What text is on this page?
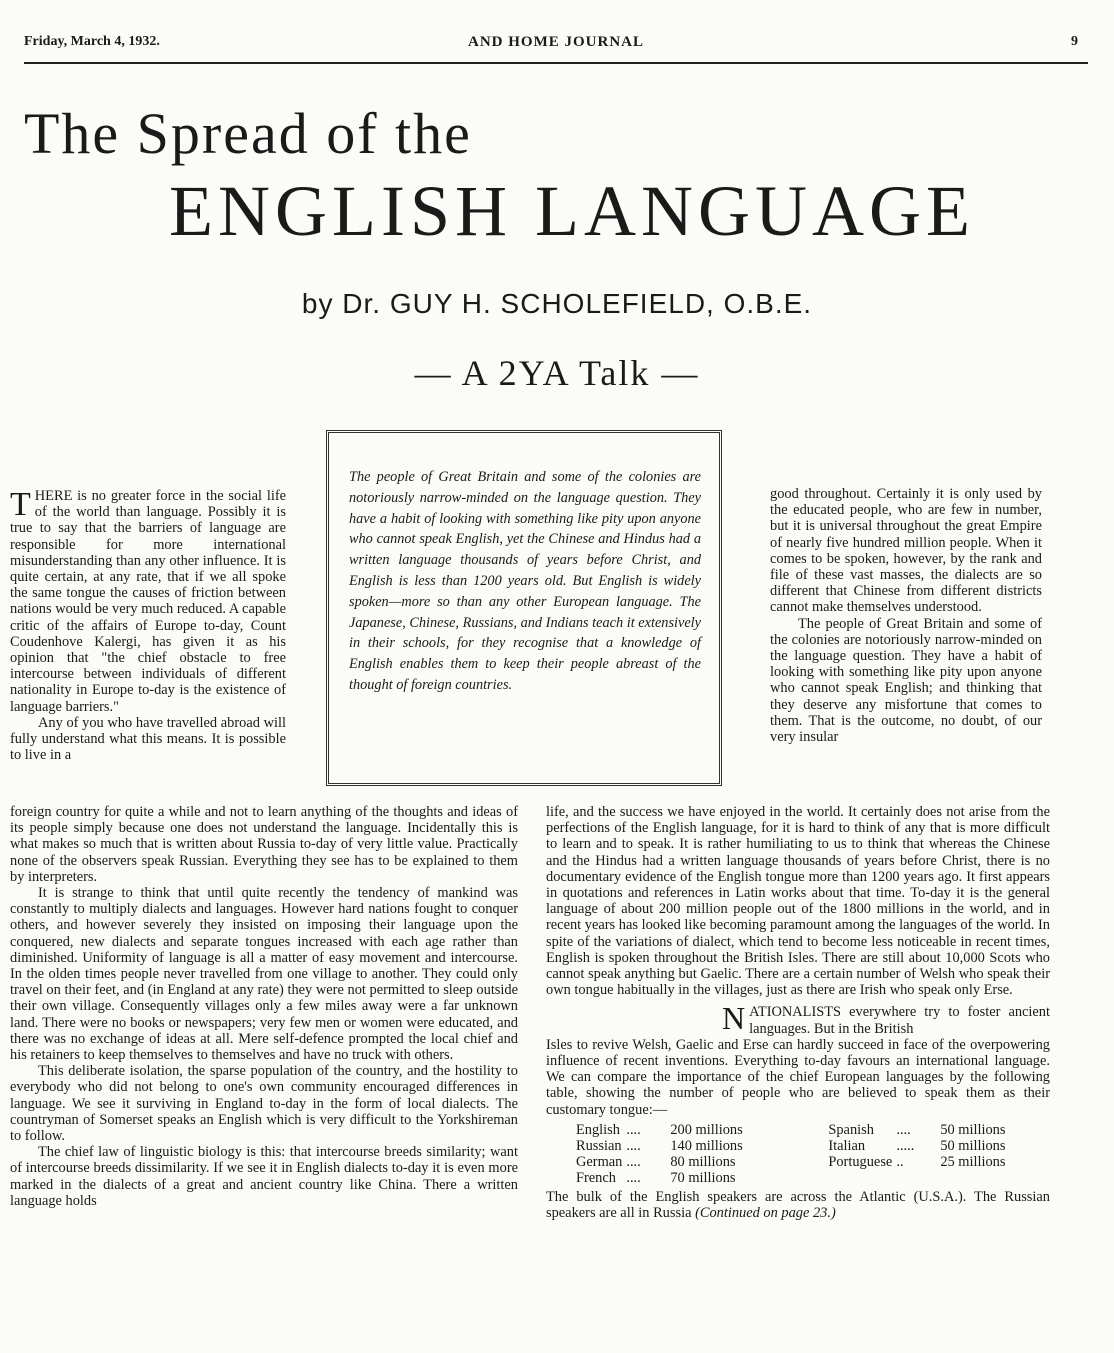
Friday, March 4, 1932.	AND HOME JOURNAL	9
The Spread of the
ENGLISH LANGUAGE
by Dr. GUY H. SCHOLEFIELD, O.B.E.
— A 2YA Talk —
The people of Great Britain and some of the colonies are notoriously narrow-minded on the language question. They have a habit of looking with something like pity upon anyone who cannot speak English, yet the Chinese and Hindus had a written language thousands of years before Christ, and English is less than 1200 years old. But English is widely spoken—more so than any other European language. The Japanese, Chinese, Russians, and Indians teach it extensively in their schools, for they recognise that a knowledge of English enables them to keep their people abreast of the thought of foreign countries.

THERE is no greater force in the social life of the world than language. Possibly it is true to say that the barriers of language are responsible for more international misunderstanding than any other influence. It is quite certain, at any rate, that if we all spoke the same tongue the causes of friction between nations would be very much reduced. A capable critic of the affairs of Europe to-day, Count Coudenhove Kalergi, has given it as his opinion that "the chief obstacle to free intercourse between individuals of different nationality in Europe to-day is the existence of language barriers."

Any of you who have travelled abroad will fully understand what this means. It is possible to live in a

good throughout. Certainly it is only used by the educated people, who are few in number, but it is universal throughout the great Empire of nearly five hundred million people. When it comes to be spoken, however, by the rank and file of these vast masses, the dialects are so different that Chinese from different districts cannot make themselves understood.

The people of Great Britain and some of the colonies are notoriously narrow-minded on the language question. They have a habit of looking with something like pity upon anyone who cannot speak English; and thinking that they deserve any misfortune that comes to them. That is the outcome, no doubt, of our very insular

foreign country for quite a while and not to learn anything of the thoughts and ideas of its people simply because one does not understand the language. Incidentally this is what makes so much that is written about Russia to-day of very little value. Practically none of the observers speak Russian. Everything they see has to be explained to them by interpreters.

It is strange to think that until quite recently the tendency of mankind was constantly to multiply dialects and languages. However hard nations fought to conquer others, and however severely they insisted on imposing their language upon the conquered, new dialects and separate tongues increased with each age rather than diminished. Uniformity of language is all a matter of easy movement and intercourse. In the olden times people never travelled from one village to another. They could only travel on their feet, and (in England at any rate) they were not permitted to sleep outside their own village. Consequently villages only a few miles away were a far unknown land. There were no books or newspapers; very few men or women were educated, and there was no exchange of ideas at all. Mere self-defence prompted the local chief and his retainers to keep themselves to themselves and have no truck with others.

This deliberate isolation, the sparse population of the country, and the hostility to everybody who did not belong to one's own community encouraged differences in language. We see it surviving in England to-day in the form of local dialects. The countryman of Somerset speaks an English which is very difficult to the Yorkshireman to follow.

The chief law of linguistic biology is this: that intercourse breeds similarity; want of intercourse breeds dissimilarity. If we see it in English dialects to-day it is even more marked in the dialects of a great and ancient country like China. There a written language holds

life, and the success we have enjoyed in the world. It certainly does not arise from the perfections of the English language, for it is hard to think of any that is more difficult to learn and to speak. It is rather humiliating to us to think that whereas the Chinese and the Hindus had a written language thousands of years before Christ, there is no documentary evidence of the English tongue more than 1200 years ago. It first appears in quotations and references in Latin works about that time. To-day it is the general language of about 200 million people out of the 1800 millions in the world, and in recent years has looked like becoming paramount among the languages of the world. In spite of the variations of dialect, which tend to become less noticeable in recent times, English is spoken throughout the British Isles. There are still about 10,000 Scots who cannot speak anything but Gaelic. There are a certain number of Welsh who speak their own tongue habitually in the villages, just as there are Irish who speak only Erse.

NATIONALISTS everywhere try to foster ancient languages. But in the British

Isles to revive Welsh, Gaelic and Erse can hardly succeed in face of the overpowering influence of recent inventions. Everything to-day favours an international language. We can compare the importance of the chief European languages by the following table, showing the number of people who are believed to speak them as their customary tongue:—

English	....	200 millions		Spanish	....	50 millions
Russian	....	140 millions		Italian	.....	50 millions
German	....	80 millions		Portuguese	..	25 millions
French	....	70 millions				

The bulk of the English speakers are across the Atlantic (U.S.A.). The Russian speakers are all in Russia (Continued on page 23.)
